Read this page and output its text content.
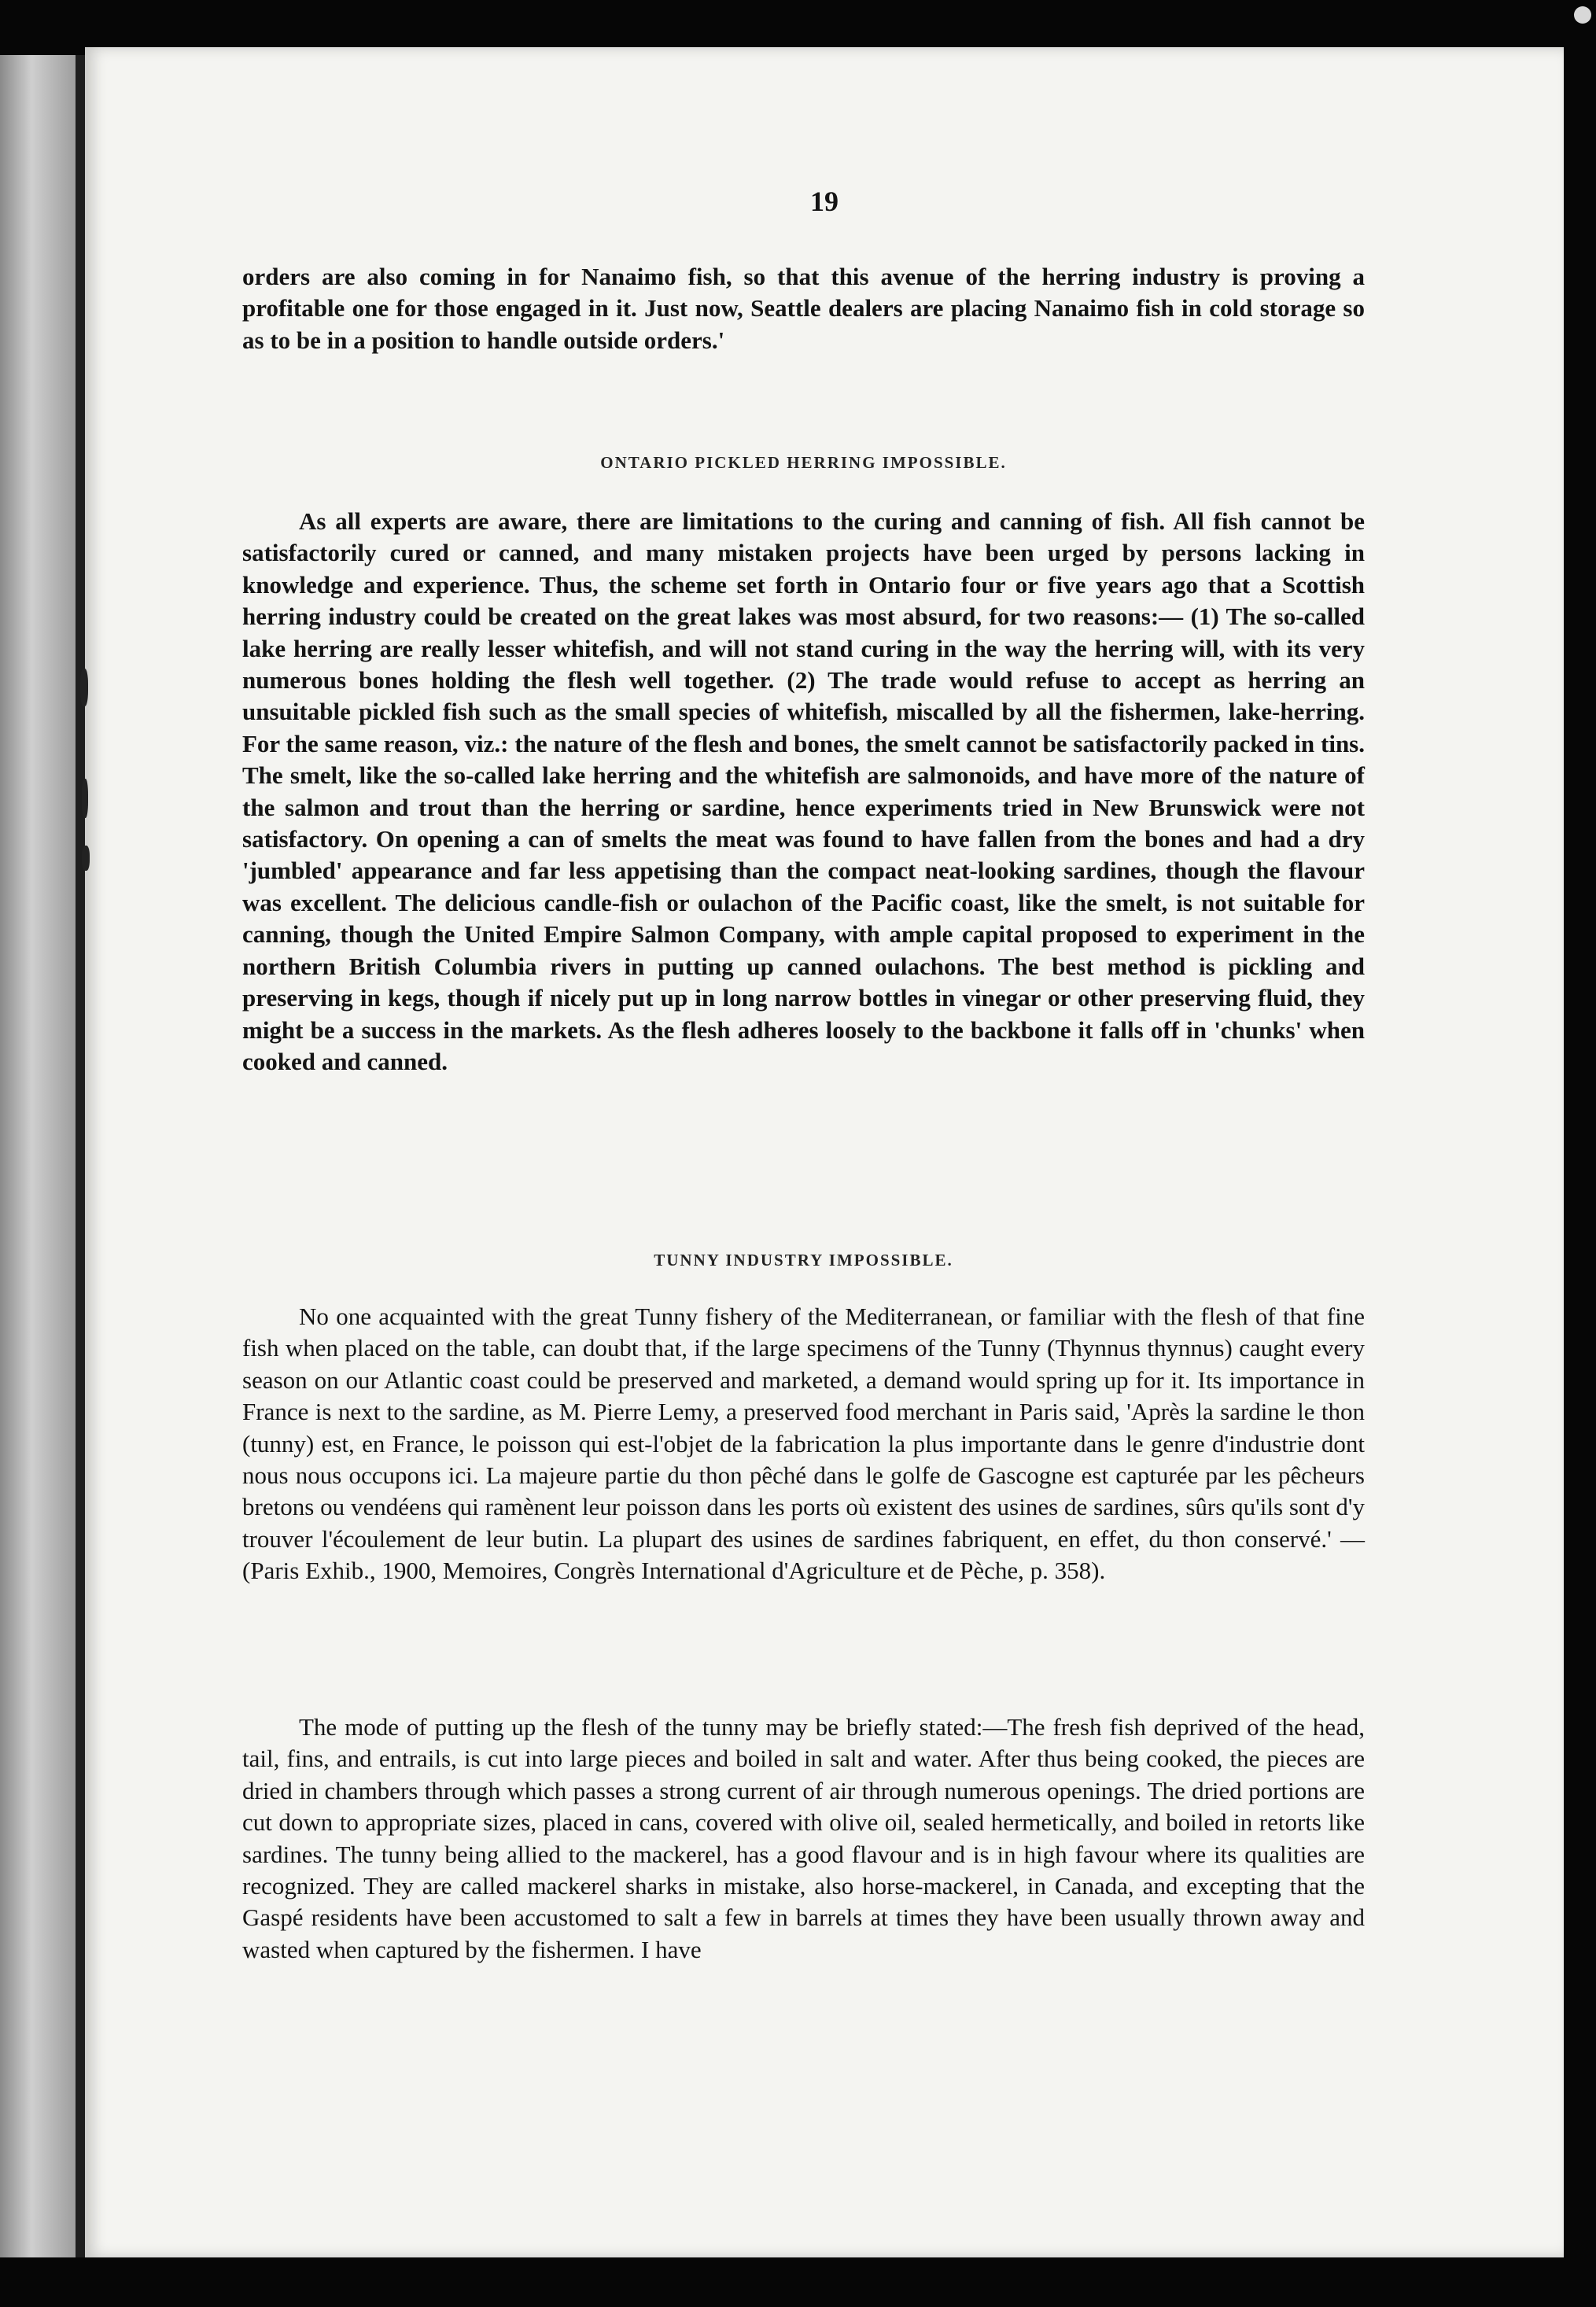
19

orders are also coming in for Nanaimo fish, so that this avenue of the herring industry is proving a profitable one for those engaged in it. Just now, Seattle dealers are placing Nanaimo fish in cold storage so as to be in a position to handle outside orders.'

ONTARIO PICKLED HERRING IMPOSSIBLE.

As all experts are aware, there are limitations to the curing and canning of fish. All fish cannot be satisfactorily cured or canned, and many mistaken projects have been urged by persons lacking in knowledge and experience. Thus, the scheme set forth in Ontario four or five years ago that a Scottish herring industry could be created on the great lakes was most absurd, for two reasons:— (1) The so-called lake herring are really lesser whitefish, and will not stand curing in the way the herring will, with its very numerous bones holding the flesh well together. (2) The trade would refuse to accept as herring an unsuitable pickled fish such as the small species of whitefish, miscalled by all the fishermen, lake-herring. For the same reason, viz.: the nature of the flesh and bones, the smelt cannot be satisfactorily packed in tins. The smelt, like the so-called lake herring and the whitefish are salmonoids, and have more of the nature of the salmon and trout than the herring or sardine, hence experiments tried in New Brunswick were not satisfactory. On opening a can of smelts the meat was found to have fallen from the bones and had a dry 'jumbled' appearance and far less appetising than the compact neat-looking sardines, though the flavour was excellent. The delicious candle-fish or oulachon of the Pacific coast, like the smelt, is not suitable for canning, though the United Empire Salmon Company, with ample capital proposed to experiment in the northern British Columbia rivers in putting up canned oulachons. The best method is pickling and preserving in kegs, though if nicely put up in long narrow bottles in vinegar or other preserving fluid, they might be a success in the markets. As the flesh adheres loosely to the backbone it falls off in 'chunks' when cooked and canned.

TUNNY INDUSTRY IMPOSSIBLE.

No one acquainted with the great Tunny fishery of the Mediterranean, or familiar with the flesh of that fine fish when placed on the table, can doubt that, if the large specimens of the Tunny (Thynnus thynnus) caught every season on our Atlantic coast could be preserved and marketed, a demand would spring up for it. Its importance in France is next to the sardine, as M. Pierre Lemy, a preserved food merchant in Paris said, 'Après la sardine le thon (tunny) est, en France, le poisson qui est-l'objet de la fabrication la plus importante dans le genre d'industrie dont nous nous occupons ici. La majeure partie du thon pêché dans le golfe de Gascogne est capturée par les pêcheurs bretons ou vendéens qui ramènent leur poisson dans les ports où existent des usines de sardines, sûrs qu'ils sont d'y trouver l'écoulement de leur butin. La plupart des usines de sardines fabriquent, en effet, du thon conservé.' —(Paris Exhib., 1900, Memoires, Congrès International d'Agriculture et de Pèche, p. 358).

The mode of putting up the flesh of the tunny may be briefly stated:—The fresh fish deprived of the head, tail, fins, and entrails, is cut into large pieces and boiled in salt and water. After thus being cooked, the pieces are dried in chambers through which passes a strong current of air through numerous openings. The dried portions are cut down to appropriate sizes, placed in cans, covered with olive oil, sealed hermetically, and boiled in retorts like sardines. The tunny being allied to the mackerel, has a good flavour and is in high favour where its qualities are recognized. They are called mackerel sharks in mistake, also horse-mackerel, in Canada, and excepting that the Gaspé residents have been accustomed to salt a few in barrels at times they have been usually thrown away and wasted when captured by the fishermen. I have
